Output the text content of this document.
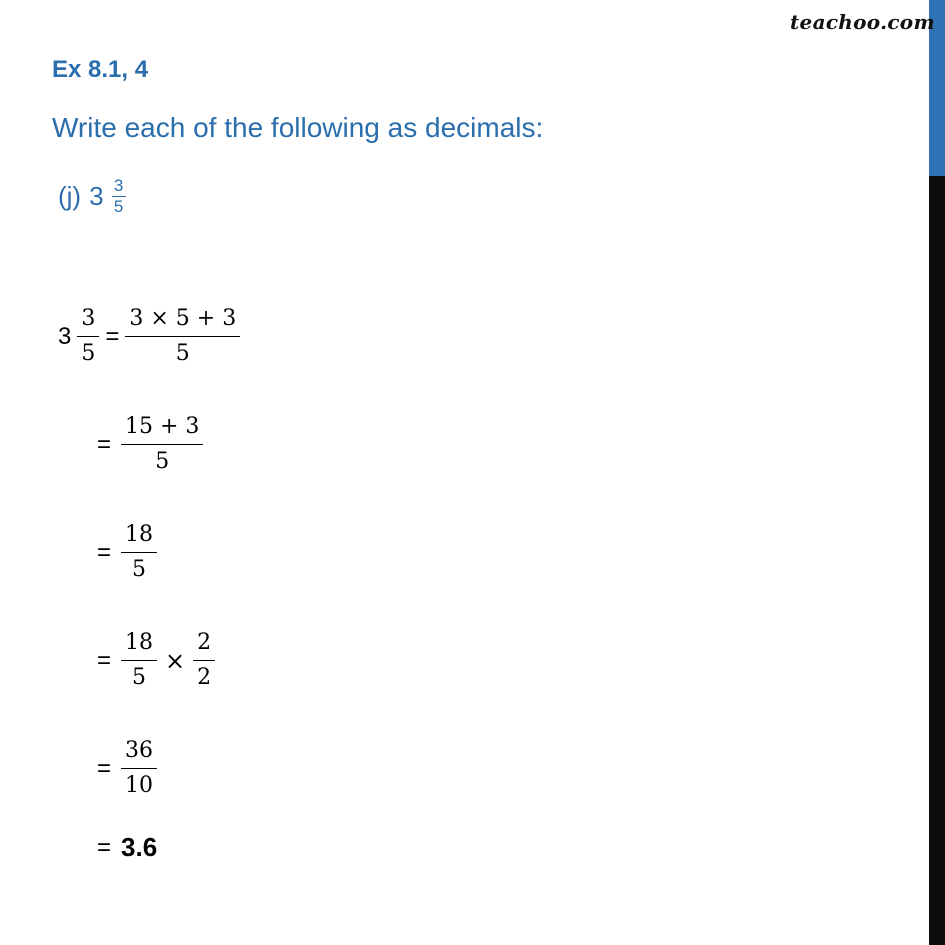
teachoo.com
Ex 8.1, 4
Write each of the following as decimals:
(j) 3 3
5
$3 \frac{3}{5} = \frac{3 \times 5 + 3}{5}$
= $\frac{15 + 3}{5}$
= $\frac{18}{5}$
= $\frac{18}{5} \times \frac{2}{2}$
= $\frac{36}{10}$
= 3.6
